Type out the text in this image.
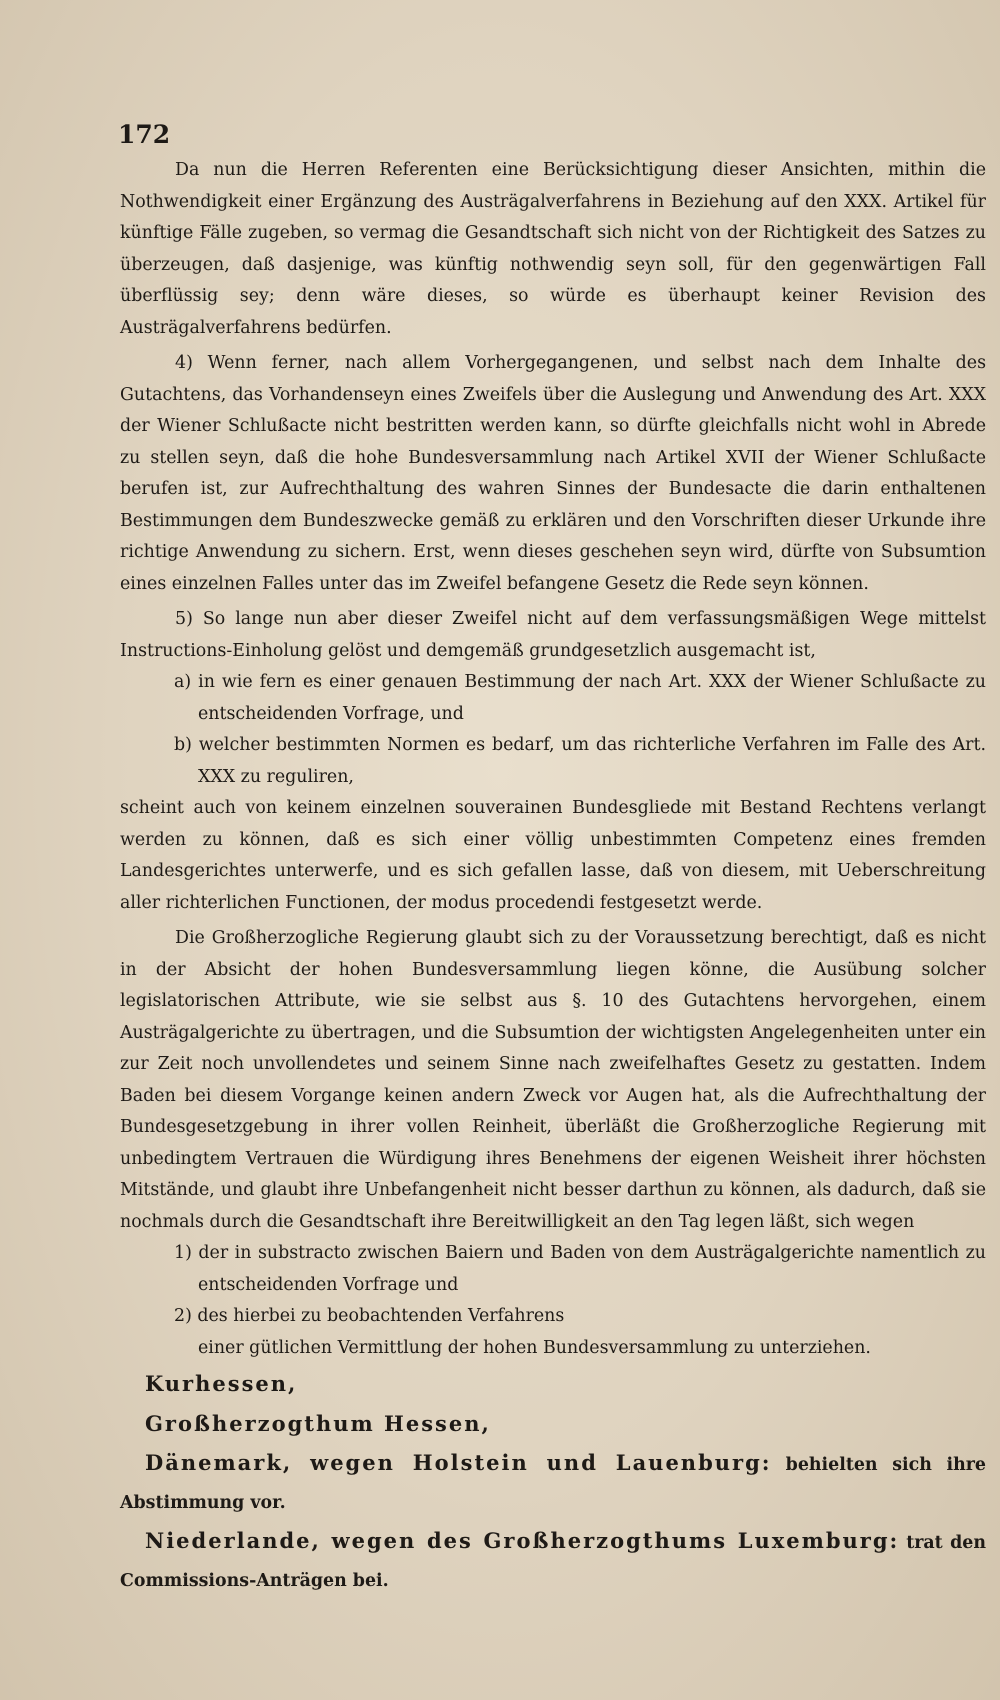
172

Da nun die Herren Referenten eine Berücksichtigung dieser Ansichten, mithin die Nothwendigkeit einer Ergänzung des Austrägalverfahrens in Beziehung auf den XXX. Artikel für künftige Fälle zugeben, so vermag die Gesandtschaft sich nicht von der Richtigkeit des Satzes zu überzeugen, daß dasjenige, was künftig nothwendig seyn soll, für den gegenwärtigen Fall überflüssig sey; denn wäre dieses, so würde es überhaupt keiner Revision des Austrägalverfahrens bedürfen.

4) Wenn ferner, nach allem Vorhergegangenen, und selbst nach dem Inhalte des Gutachtens, das Vorhandenseyn eines Zweifels über die Auslegung und Anwendung des Art. XXX der Wiener Schlußacte nicht bestritten werden kann, so dürfte gleichfalls nicht wohl in Abrede zu stellen seyn, daß die hohe Bundesversammlung nach Artikel XVII der Wiener Schlußacte berufen ist, zur Aufrechthaltung des wahren Sinnes der Bundesacte die darin enthaltenen Bestimmungen dem Bundeszwecke gemäß zu erklären und den Vorschriften dieser Urkunde ihre richtige Anwendung zu sichern. Erst, wenn dieses geschehen seyn wird, dürfte von Subsumtion eines einzelnen Falles unter das im Zweifel befangene Gesetz die Rede seyn können.

5) So lange nun aber dieser Zweifel nicht auf dem verfassungsmäßigen Wege mittelst Instructions-Einholung gelöst und demgemäß grundgesetzlich ausgemacht ist,

a) in wie fern es einer genauen Bestimmung der nach Art. XXX der Wiener Schlußacte zu entscheidenden Vorfrage, und

b) welcher bestimmten Normen es bedarf, um das richterliche Verfahren im Falle des Art. XXX zu reguliren,

scheint auch von keinem einzelnen souverainen Bundesgliede mit Bestand Rechtens verlangt werden zu können, daß es sich einer völlig unbestimmten Competenz eines fremden Landesgerichtes unterwerfe, und es sich gefallen lasse, daß von diesem, mit Ueberschreitung aller richterlichen Functionen, der modus procedendi festgesetzt werde.

Die Großherzogliche Regierung glaubt sich zu der Voraussetzung berechtigt, daß es nicht in der Absicht der hohen Bundesversammlung liegen könne, die Ausübung solcher legislatorischen Attribute, wie sie selbst aus §. 10 des Gutachtens hervorgehen, einem Austrägalgerichte zu übertragen, und die Subsumtion der wichtigsten Angelegenheiten unter ein zur Zeit noch unvollendetes und seinem Sinne nach zweifelhaftes Gesetz zu gestatten. Indem Baden bei diesem Vorgange keinen andern Zweck vor Augen hat, als die Aufrechthaltung der Bundesgesetzgebung in ihrer vollen Reinheit, überläßt die Großherzogliche Regierung mit unbedingtem Vertrauen die Würdigung ihres Benehmens der eigenen Weisheit ihrer höchsten Mitstände, und glaubt ihre Unbefangenheit nicht besser darthun zu können, als dadurch, daß sie nochmals durch die Gesandtschaft ihre Bereitwilligkeit an den Tag legen läßt, sich wegen

1) der in substracto zwischen Baiern und Baden von dem Austrägalgerichte namentlich zu entscheidenden Vorfrage und

2) des hierbei zu beobachtenden Verfahrens

einer gütlichen Vermittlung der hohen Bundesversammlung zu unterziehen.

Kurhessen,

Großherzogthum Hessen,

Dänemark, wegen Holstein und Lauenburg: behielten sich ihre Abstimmung vor.

Niederlande, wegen des Großherzogthums Luxemburg: trat den Commissions-Anträgen bei.
